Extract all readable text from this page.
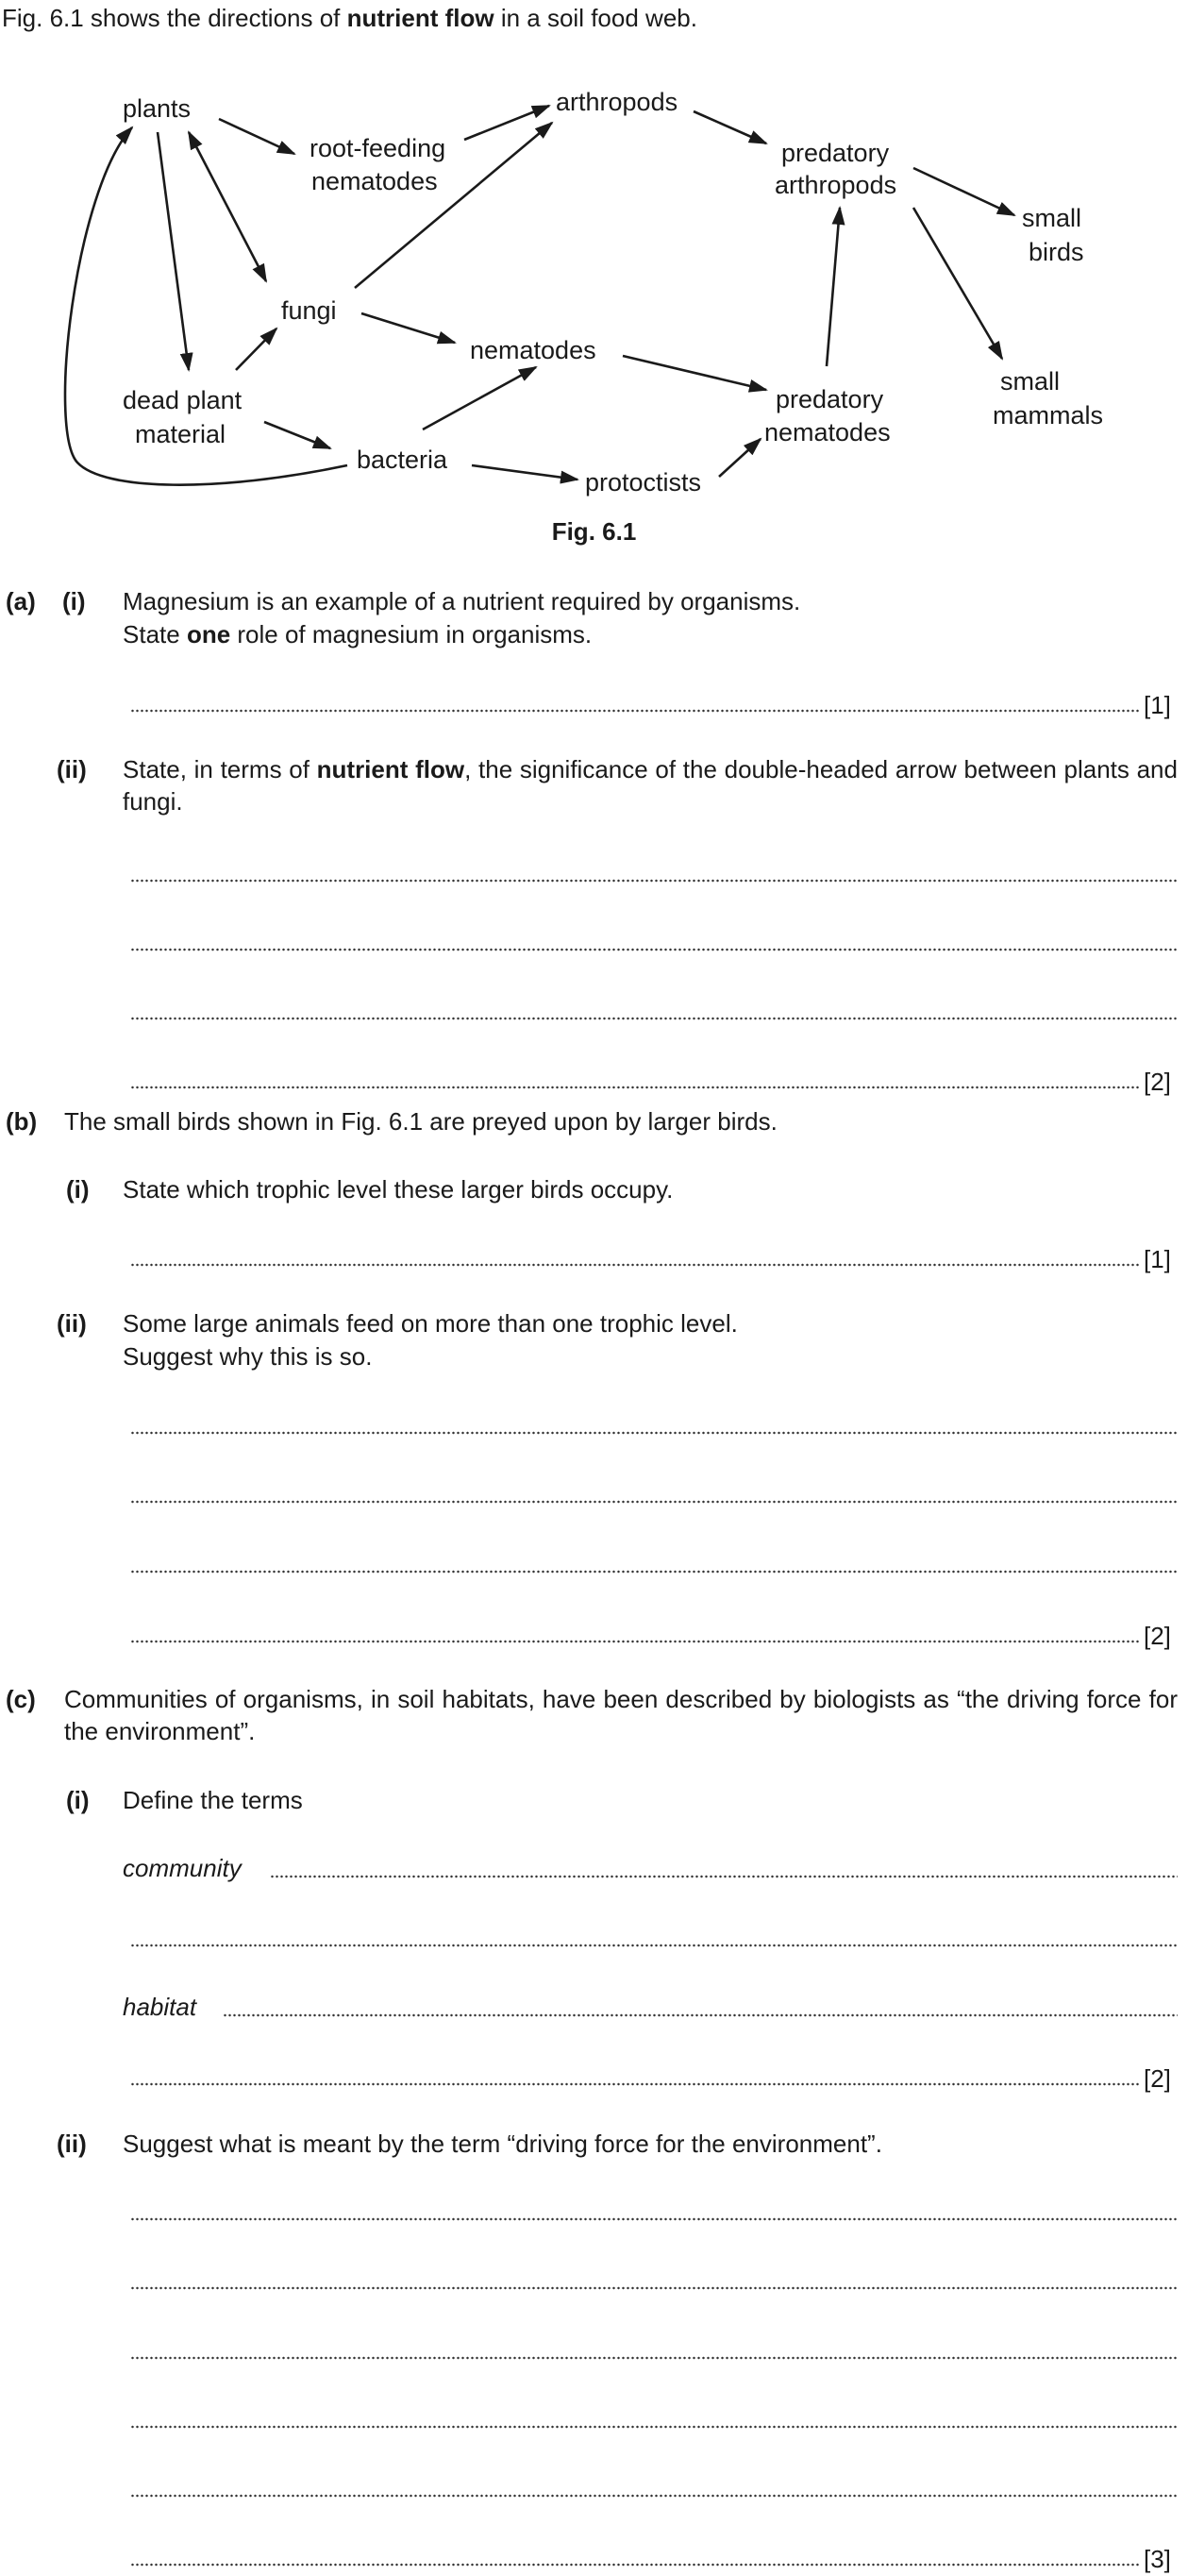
Fig. 6.1 shows the directions of nutrient flow in a soil food web.
plants
root-feeding
nematodes
arthropods
predatory
arthropods
small
birds
fungi
nematodes
dead plant
material
bacteria
protoctists
predatory
nematodes
small
mammals
Fig. 6.1
(a) (i) Magnesium is an example of a nutrient required by organisms.
State one role of magnesium in organisms.
[1]
(ii) State, in terms of nutrient flow, the significance of the double-headed arrow between plants and fungi.
[2]
(b) The small birds shown in Fig. 6.1 are preyed upon by larger birds.
(i) State which trophic level these larger birds occupy.
[1]
(ii) Some large animals feed on more than one trophic level.
Suggest why this is so.
[2]
(c) Communities of organisms, in soil habitats, have been described by biologists as “the driving force for the environment”.
(i) Define the terms
community
habitat
[2]
(ii) Suggest what is meant by the term “driving force for the environment”.
[3]
